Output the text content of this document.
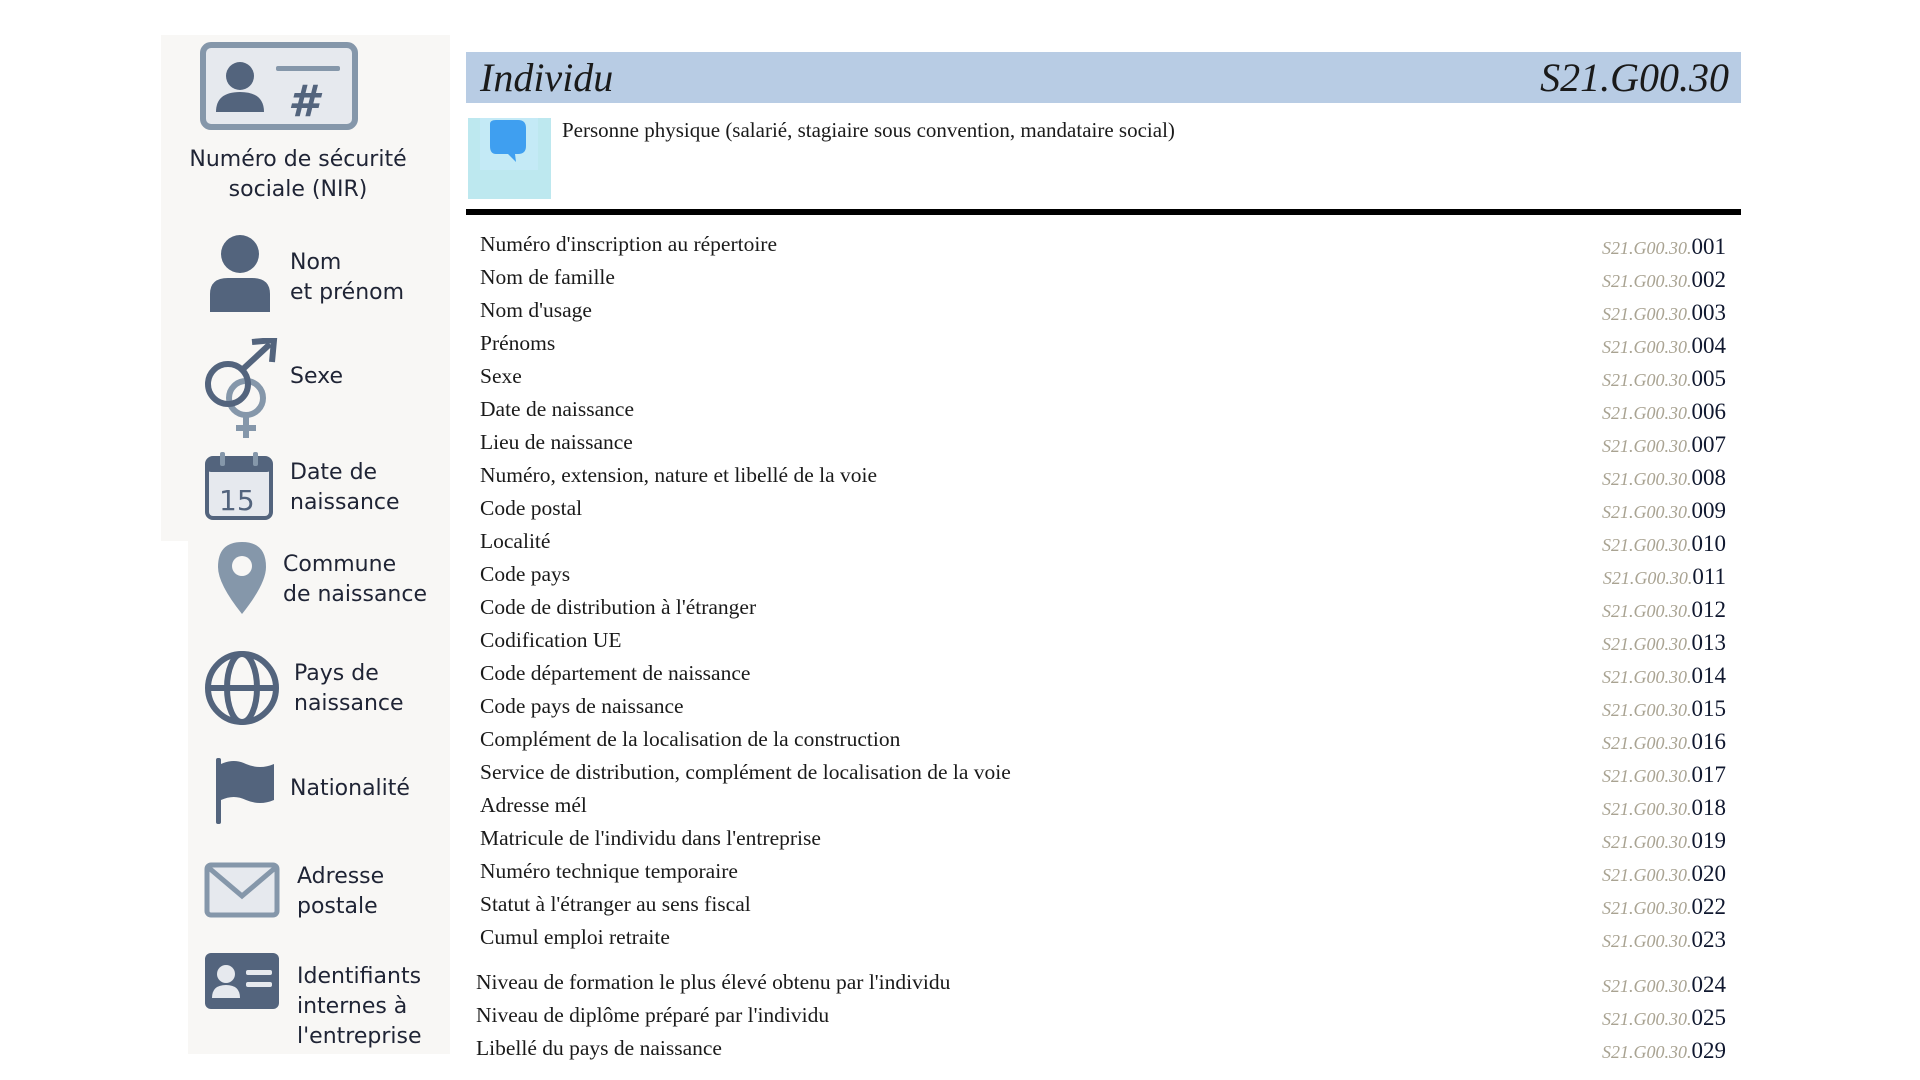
#
Numéro de sécurité
sociale (NIR)
Nom
et prénom
Sexe
15
Date de
naissance
Commune
de naissance
Pays de
naissance
Nationalité
Adresse
postale
Identifiants
internes à
l'entreprise
Individu	S21.G00.30
Personne physique (salarié, stagiaire sous convention, mandataire social)
Numéro d'inscription au répertoire	S21.G00.30.001
Nom de famille	S21.G00.30.002
Nom d'usage	S21.G00.30.003
Prénoms	S21.G00.30.004
Sexe	S21.G00.30.005
Date de naissance	S21.G00.30.006
Lieu de naissance	S21.G00.30.007
Numéro, extension, nature et libellé de la voie	S21.G00.30.008
Code postal	S21.G00.30.009
Localité	S21.G00.30.010
Code pays	S21.G00.30.011
Code de distribution à l'étranger	S21.G00.30.012
Codification UE	S21.G00.30.013
Code département de naissance	S21.G00.30.014
Code pays de naissance	S21.G00.30.015
Complément de la localisation de la construction	S21.G00.30.016
Service de distribution, complément de localisation de la voie	S21.G00.30.017
Adresse mél	S21.G00.30.018
Matricule de l'individu dans l'entreprise	S21.G00.30.019
Numéro technique temporaire	S21.G00.30.020
Statut à l'étranger au sens fiscal	S21.G00.30.022
Cumul emploi retraite	S21.G00.30.023
Niveau de formation le plus élevé obtenu par l'individu	S21.G00.30.024
Niveau de diplôme préparé par l'individu	S21.G00.30.025
Libellé du pays de naissance	S21.G00.30.029
